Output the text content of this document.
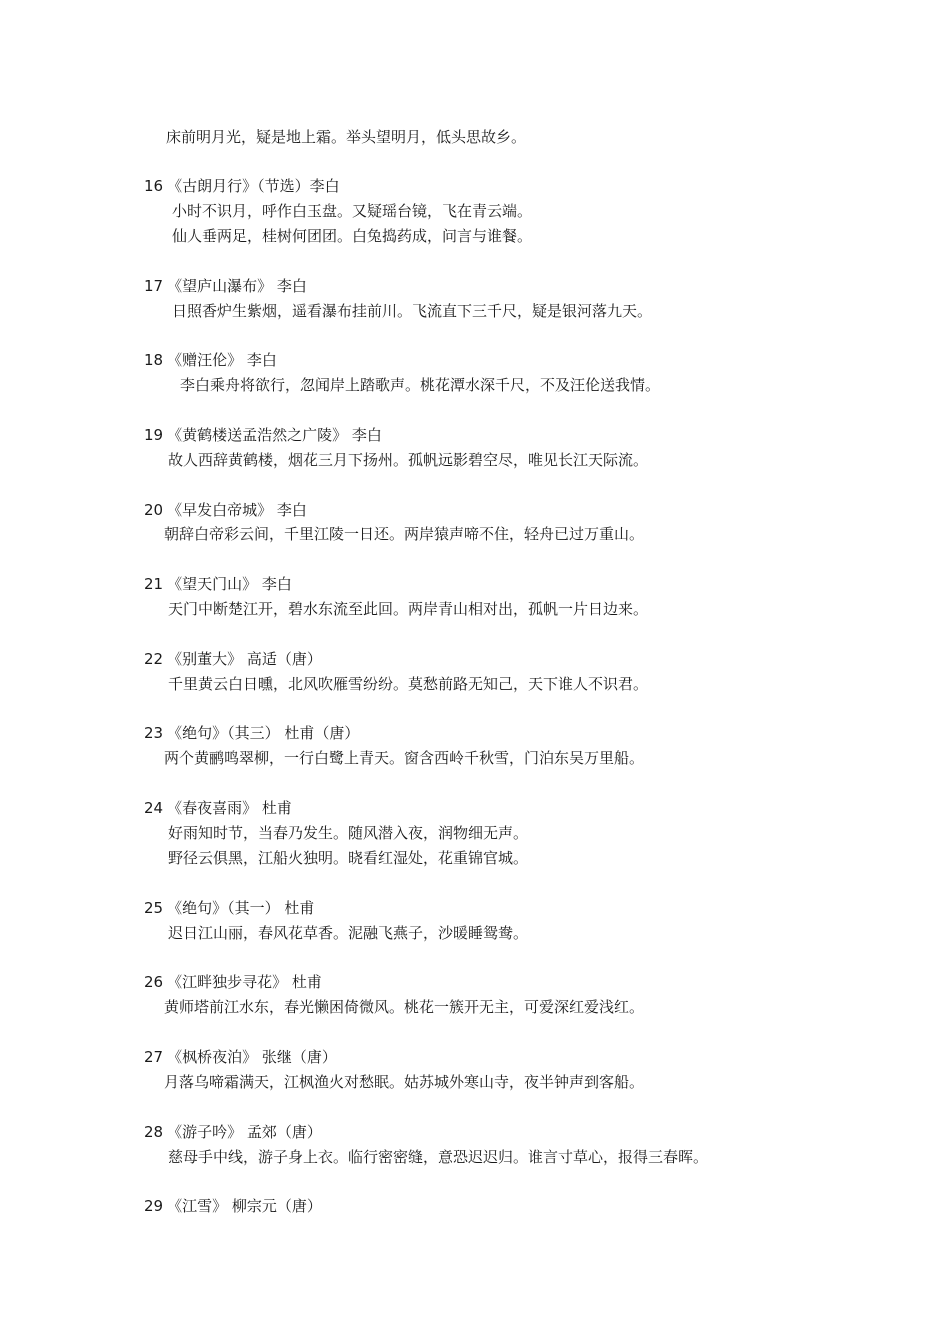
床前明月光，疑是地上霜。举头望明月，低头思故乡。
16 《古朗月行》（节选）李白
小时不识月，呼作白玉盘。又疑瑶台镜，飞在青云端。
仙人垂两足，桂树何团团。白兔捣药成，问言与谁餐。
17 《望庐山瀑布》 李白
日照香炉生紫烟，遥看瀑布挂前川。飞流直下三千尺，疑是银河落九天。
18 《赠汪伦》 李白
李白乘舟将欲行，忽闻岸上踏歌声。桃花潭水深千尺，不及汪伦送我情。
19 《黄鹤楼送孟浩然之广陵》 李白
故人西辞黄鹤楼，烟花三月下扬州。孤帆远影碧空尽，唯见长江天际流。
20 《早发白帝城》 李白
朝辞白帝彩云间，千里江陵一日还。两岸猿声啼不住，轻舟已过万重山。
21 《望天门山》 李白
天门中断楚江开，碧水东流至此回。两岸青山相对出，孤帆一片日边来。
22 《别董大》 高适（唐）
千里黄云白日曛，北风吹雁雪纷纷。莫愁前路无知己，天下谁人不识君。
23 《绝句》（其三） 杜甫（唐）
两个黄鹂鸣翠柳，一行白鹭上青天。窗含西岭千秋雪，门泊东吴万里船。
24 《春夜喜雨》 杜甫
好雨知时节，当春乃发生。随风潜入夜，润物细无声。
野径云俱黑，江船火独明。晓看红湿处，花重锦官城。
25 《绝句》（其一） 杜甫
迟日江山丽，春风花草香。泥融飞燕子，沙暖睡鸳鸯。
26 《江畔独步寻花》 杜甫
黄师塔前江水东，春光懒困倚微风。桃花一簇开无主，可爱深红爱浅红。
27 《枫桥夜泊》 张继（唐）
月落乌啼霜满天，江枫渔火对愁眠。姑苏城外寒山寺，夜半钟声到客船。
28 《游子吟》 孟郊（唐）
慈母手中线，游子身上衣。临行密密缝，意恐迟迟归。谁言寸草心，报得三春晖。
29 《江雪》 柳宗元（唐）
